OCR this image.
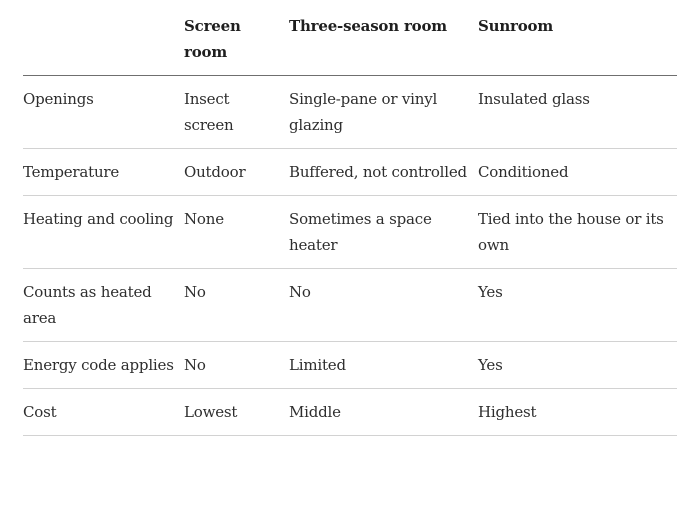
	Screen room	Three-season room	Sunroom
Openings	Insect screen	Single-pane or vinyl glazing	Insulated glass
Temperature	Outdoor	Buffered, not controlled	Conditioned
Heating and cooling	None	Sometimes a space heater	Tied into the house or its own
Counts as heated area	No	No	Yes
Energy code applies	No	Limited	Yes
Cost	Lowest	Middle	Highest
